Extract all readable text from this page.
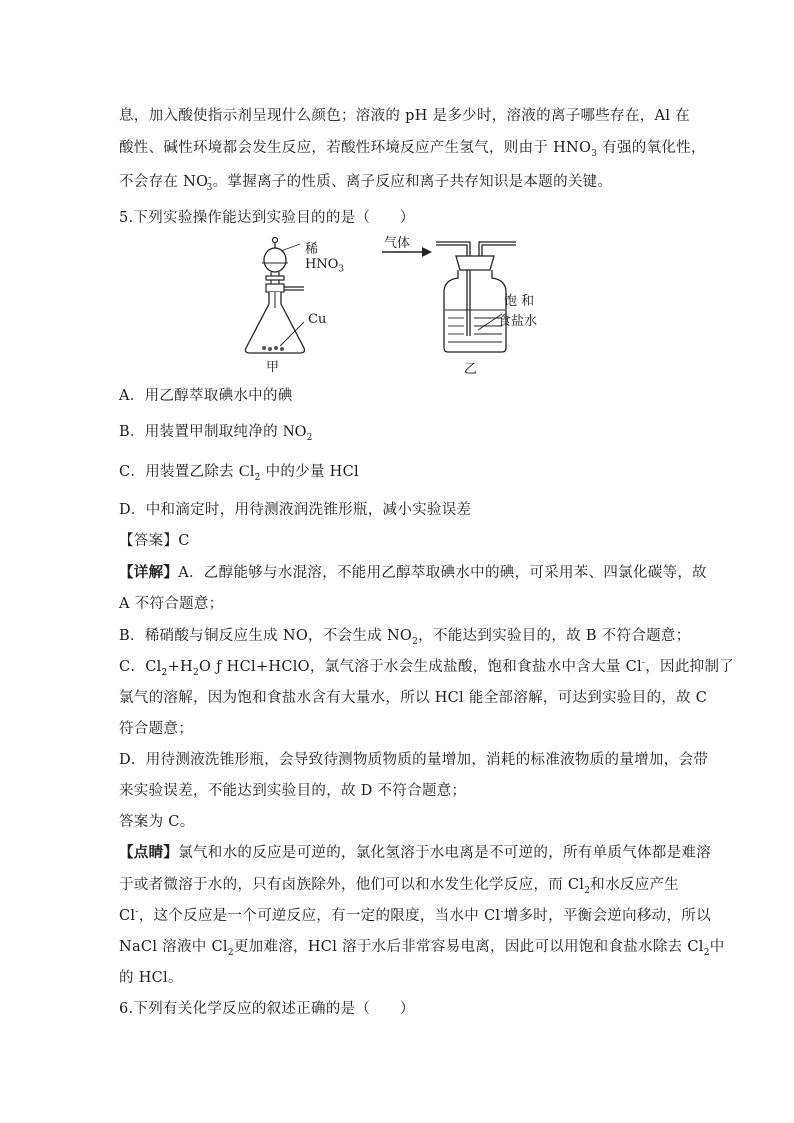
息，加入酸使指示剂呈现什么颜色；溶液的 pH 是多少时，溶液的离子哪些存在，Al 在
酸性、碱性环境都会发生反应，若酸性环境反应产生氢气，则由于 $HNO_3$ 有强的氧化性，
不会存在 $NO^-_3$。掌握离子的性质、离子反应和离子共存知识是本题的关键。
5.下列实验操作能达到实验目的的是（　　）
稀 $HNO_3$
Cu
甲
气体
饱 和
食盐水
乙
A．用乙醇萃取碘水中的碘
B．用装置甲制取纯净的 $NO_2$
C．用装置乙除去 $Cl_2$ 中的少量 HCl
D．中和滴定时，用待测液润洗锥形瓶，减小实验误差
【答案】C
【详解】A．乙醇能够与水混溶，不能用乙醇萃取碘水中的碘，可采用苯、四氯化碳等，故
A 不符合题意；
B．稀硝酸与铜反应生成 NO，不会生成 $NO_2$，不能达到实验目的，故 B 不符合题意；
C．$Cl_2+H_2O$ ƒ HCl+HClO，氯气溶于水会生成盐酸，饱和食盐水中含大量 Cl-，因此抑制了
氯气的溶解，因为饱和食盐水含有大量水，所以 HCl 能全部溶解，可达到实验目的，故 C
符合题意；
D．用待测液洗锥形瓶，会导致待测物质物质的量增加，消耗的标准液物质的量增加，会带
来实验误差，不能达到实验目的，故 D 不符合题意；
答案为 C。
【点睛】氯气和水的反应是可逆的，氯化氢溶于水电离是不可逆的，所有单质气体都是难溶
于或者微溶于水的，只有卤族除外，他们可以和水发生化学反应，而 $Cl_2$和水反应产生
Cl-，这个反应是一个可逆反应，有一定的限度，当水中 Cl-增多时，平衡会逆向移动，所以
NaCl 溶液中 $Cl_2$更加难溶，HCl 溶于水后非常容易电离，因此可以用饱和食盐水除去 $Cl_2$中
的 HCl。
6.下列有关化学反应的叙述正确的是（　　）
